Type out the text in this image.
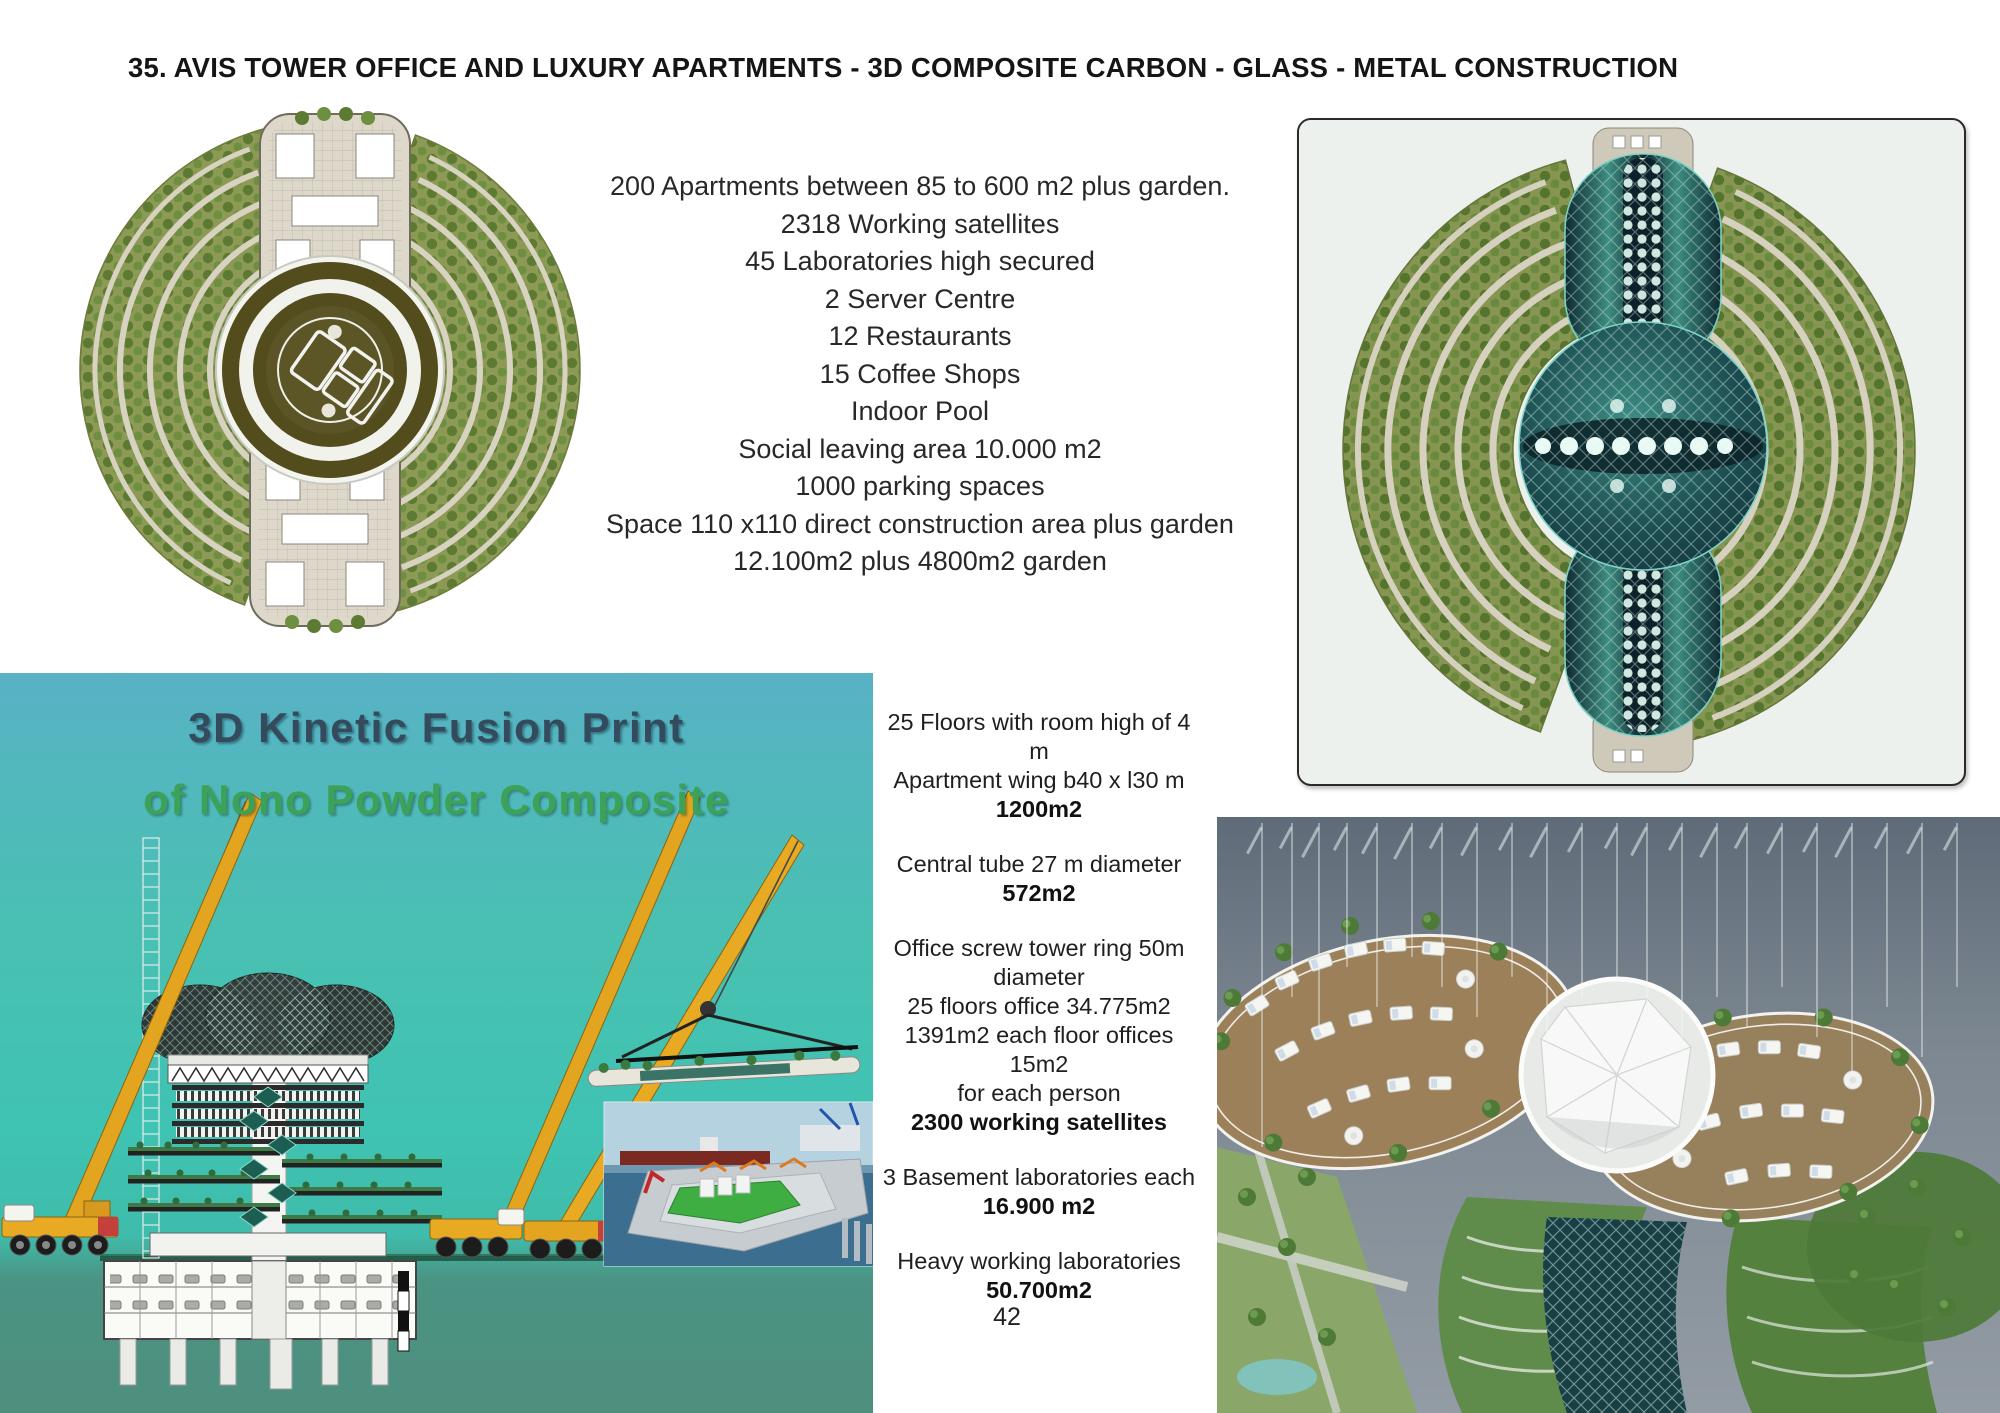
35. AVIS TOWER OFFICE AND LUXURY APARTMENTS - 3D COMPOSITE CARBON - GLASS - METAL CONSTRUCTION
200 Apartments between 85 to 600 m2 plus garden.
2318 Working satellites
45 Laboratories high secured
2 Server Centre
12 Restaurants
15 Coffee Shops
Indoor Pool
Social leaving area 10.000 m2
1000 parking spaces
Space 110 x110 direct construction area plus garden
12.100m2 plus 4800m2 garden
25 Floors with room high of 4 m
Apartment wing b40 x l30 m
1200m2
Central tube 27 m diameter
572m2
Office screw tower ring 50m
diameter
25 floors office 34.775m2
1391m2 each floor offices 15m2
for each person
2300 working satellites
3 Basement laboratories each
16.900 m2
Heavy working laboratories
50.700m2
3D Kinetic Fusion Print
of Nono Powder Composite
42
